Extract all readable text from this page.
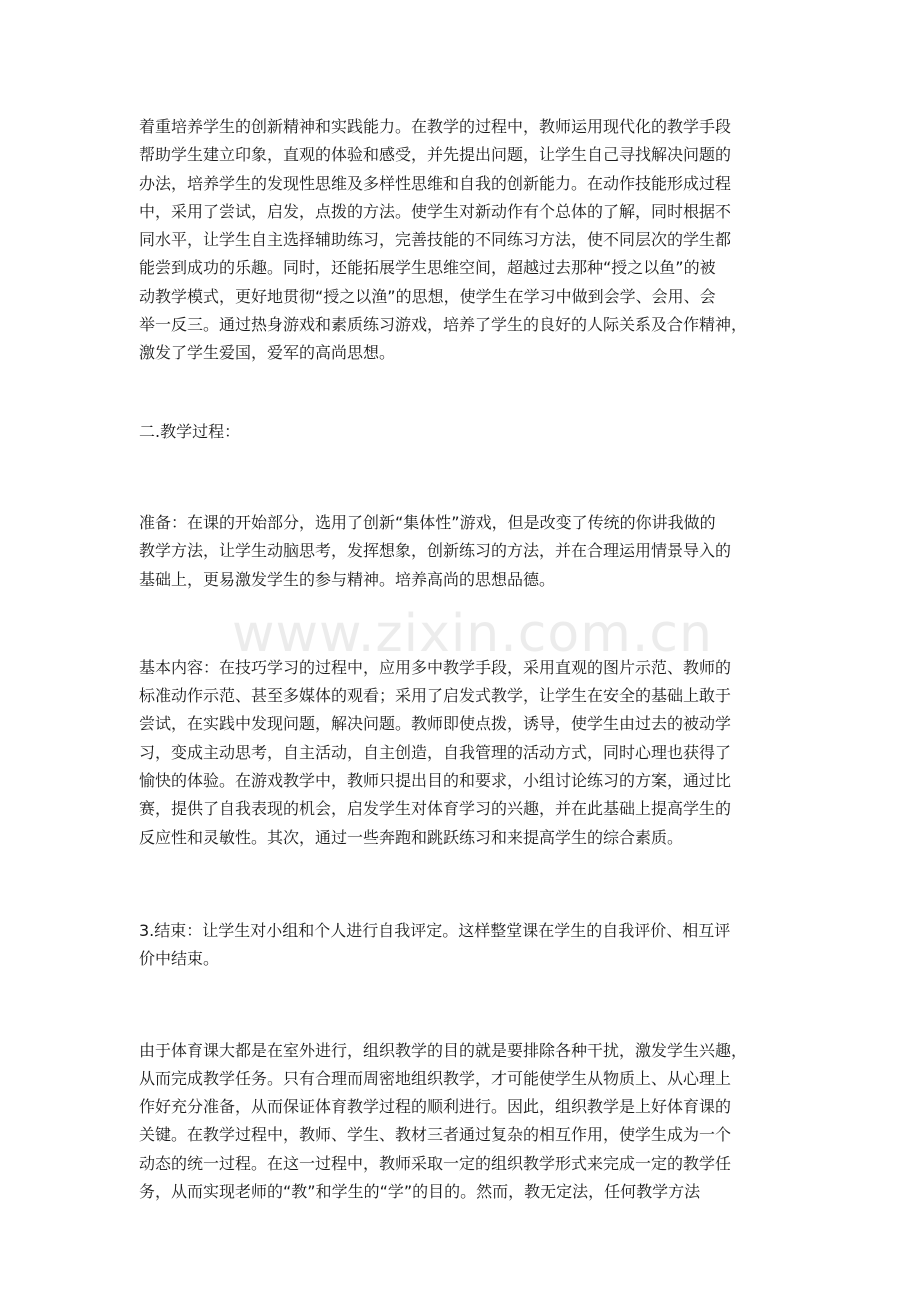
www.zixin.com.cn

着重培养学生的创新精神和实践能力。在教学的过程中，教师运用现代化的教学手段
帮助学生建立印象，直观的体验和感受，并先提出问题，让学生自己寻找解决问题的
办法，培养学生的发现性思维及多样性思维和自我的创新能力。在动作技能形成过程
中，采用了尝试，启发，点拨的方法。使学生对新动作有个总体的了解，同时根据不
同水平，让学生自主选择辅助练习，完善技能的不同练习方法，使不同层次的学生都
能尝到成功的乐趣。同时，还能拓展学生思维空间，超越过去那种“授之以鱼”的被
动教学模式，更好地贯彻“授之以渔”的思想，使学生在学习中做到会学、会用、会
举一反三。通过热身游戏和素质练习游戏，培养了学生的良好的人际关系及合作精神，
激发了学生爱国，爱军的高尚思想。

二.教学过程：

准备：在课的开始部分，选用了创新“集体性”游戏，但是改变了传统的你讲我做的
教学方法，让学生动脑思考，发挥想象，创新练习的方法，并在合理运用情景导入的
基础上，更易激发学生的参与精神。培养高尚的思想品德。

基本内容：在技巧学习的过程中，应用多中教学手段，采用直观的图片示范、教师的
标准动作示范、甚至多媒体的观看；采用了启发式教学，让学生在安全的基础上敢于
尝试，在实践中发现问题，解决问题。教师即使点拨，诱导，使学生由过去的被动学
习，变成主动思考，自主活动，自主创造，自我管理的活动方式，同时心理也获得了
愉快的体验。在游戏教学中，教师只提出目的和要求，小组讨论练习的方案，通过比
赛，提供了自我表现的机会，启发学生对体育学习的兴趣，并在此基础上提高学生的
反应性和灵敏性。其次，通过一些奔跑和跳跃练习和来提高学生的综合素质。

3.结束：让学生对小组和个人进行自我评定。这样整堂课在学生的自我评价、相互评
价中结束。

由于体育课大都是在室外进行，组织教学的目的就是要排除各种干扰，激发学生兴趣，
从而完成教学任务。只有合理而周密地组织教学，才可能使学生从物质上、从心理上
作好充分准备，从而保证体育教学过程的顺利进行。因此，组织教学是上好体育课的
关键。在教学过程中，教师、学生、教材三者通过复杂的相互作用，使学生成为一个
动态的统一过程。在这一过程中，教师采取一定的组织教学形式来完成一定的教学任
务，从而实现老师的“教”和学生的“学”的目的。然而，教无定法，任何教学方法
